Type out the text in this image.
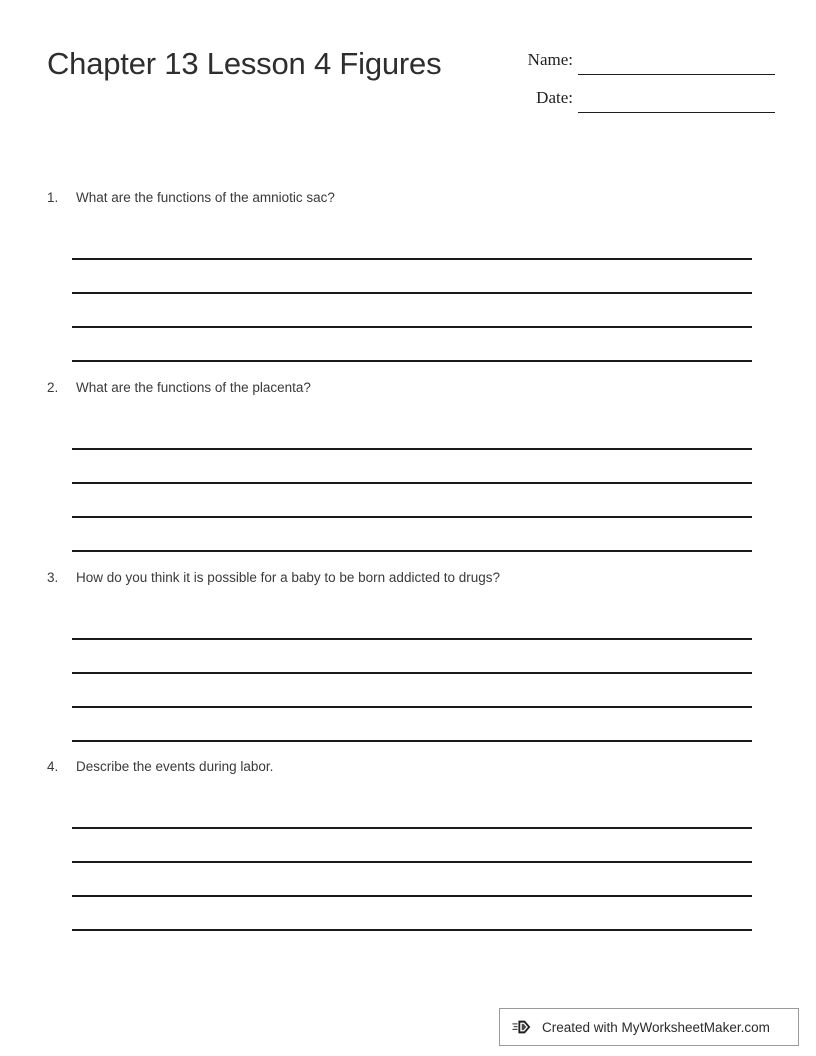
Chapter 13 Lesson 4 Figures	Name:
Date:
1. What are the functions of the amniotic sac?
2. What are the functions of the placenta?
3. How do you think it is possible for a baby to be born addicted to drugs?
4. Describe the events during labor.
Created with MyWorksheetMaker.com
